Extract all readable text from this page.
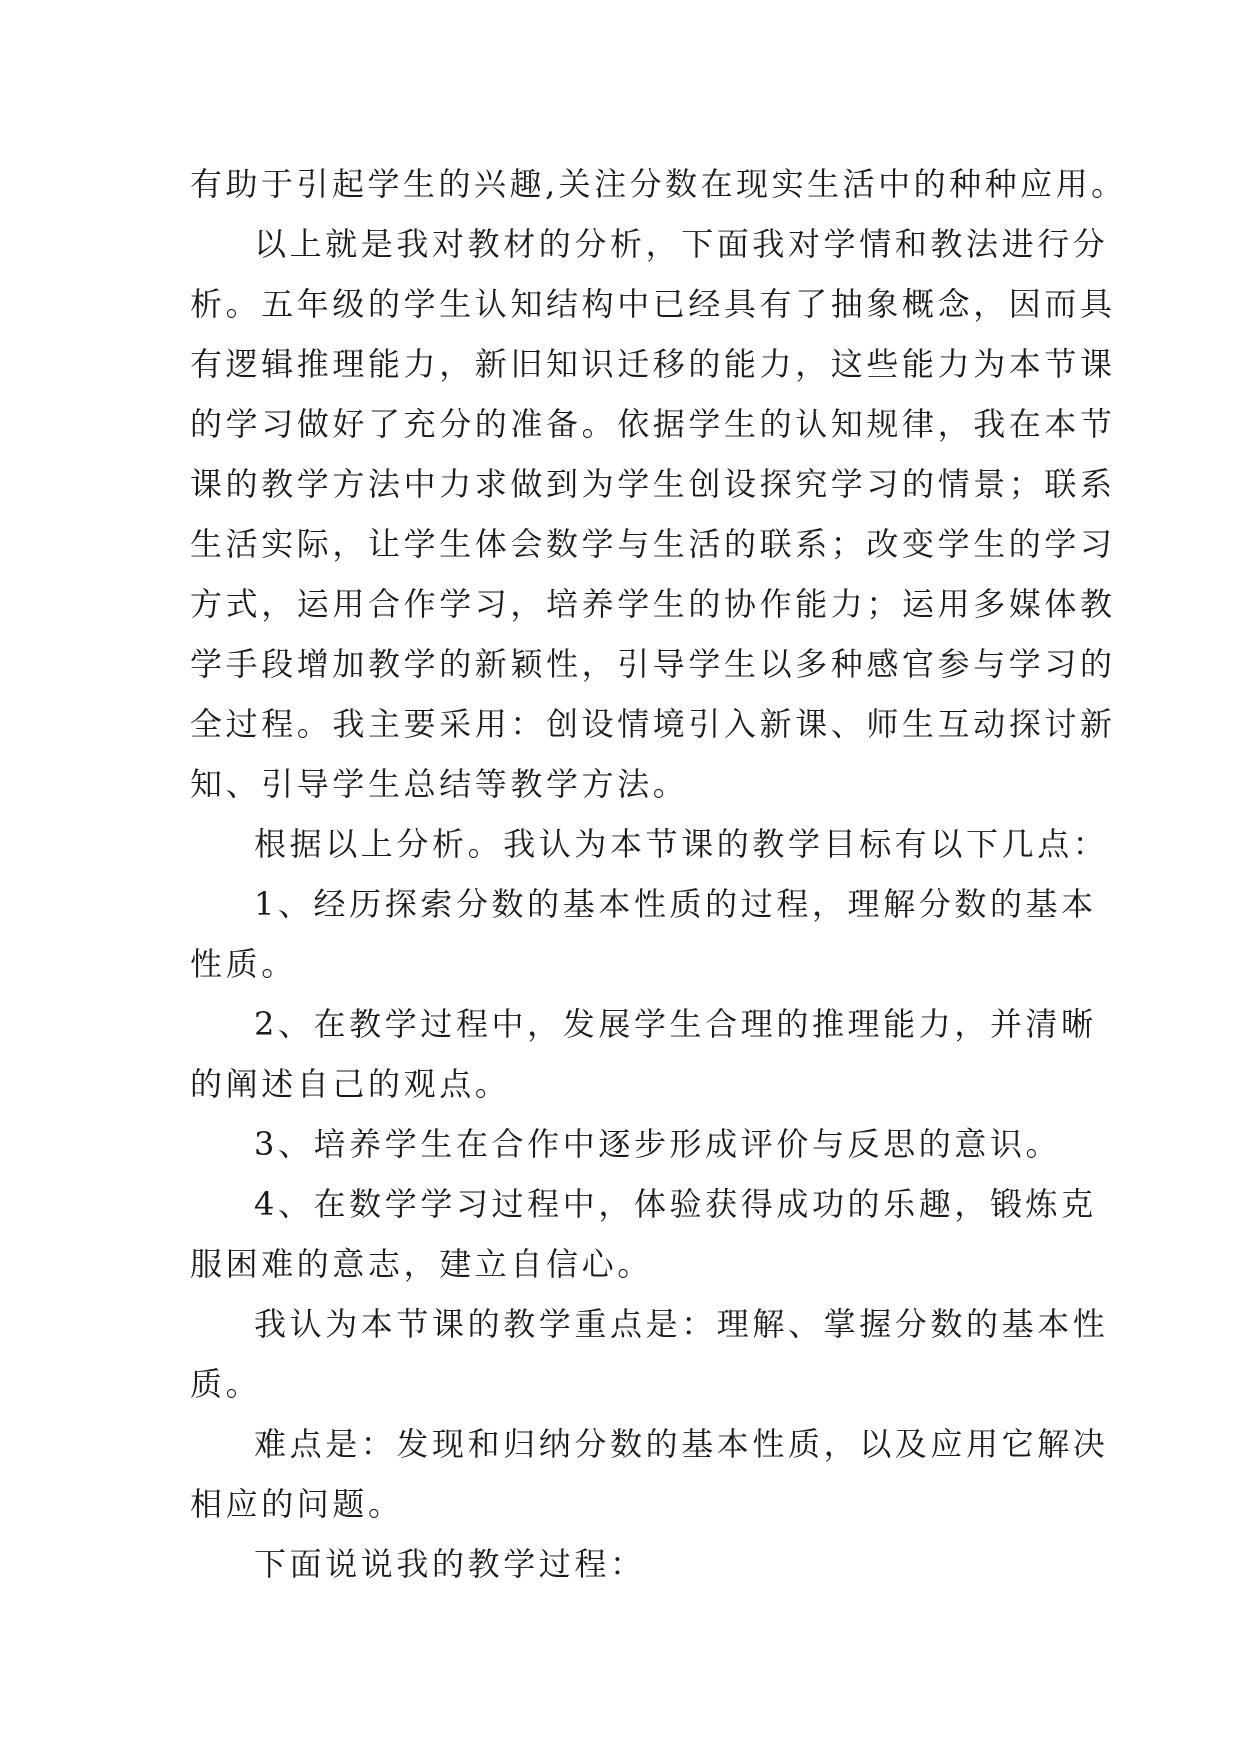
有助于引起学生的兴趣,关注分数在现实生活中的种种应用。
以上就是我对教材的分析，下面我对学情和教法进行分
析。五年级的学生认知结构中已经具有了抽象概念，因而具
有逻辑推理能力，新旧知识迁移的能力，这些能力为本节课
的学习做好了充分的准备。依据学生的认知规律，我在本节
课的教学方法中力求做到为学生创设探究学习的情景；联系
生活实际，让学生体会数学与生活的联系；改变学生的学习
方式，运用合作学习，培养学生的协作能力；运用多媒体教
学手段增加教学的新颖性，引导学生以多种感官参与学习的
全过程。我主要采用：创设情境引入新课、师生互动探讨新
知、引导学生总结等教学方法。
根据以上分析。我认为本节课的教学目标有以下几点：
1、经历探索分数的基本性质的过程，理解分数的基本
性质。
2、在教学过程中，发展学生合理的推理能力，并清晰
的阐述自己的观点。
3、培养学生在合作中逐步形成评价与反思的意识。
4、在数学学习过程中，体验获得成功的乐趣，锻炼克
服困难的意志，建立自信心。
我认为本节课的教学重点是：理解、掌握分数的基本性
质。
难点是：发现和归纳分数的基本性质，以及应用它解决
相应的问题。
下面说说我的教学过程：
